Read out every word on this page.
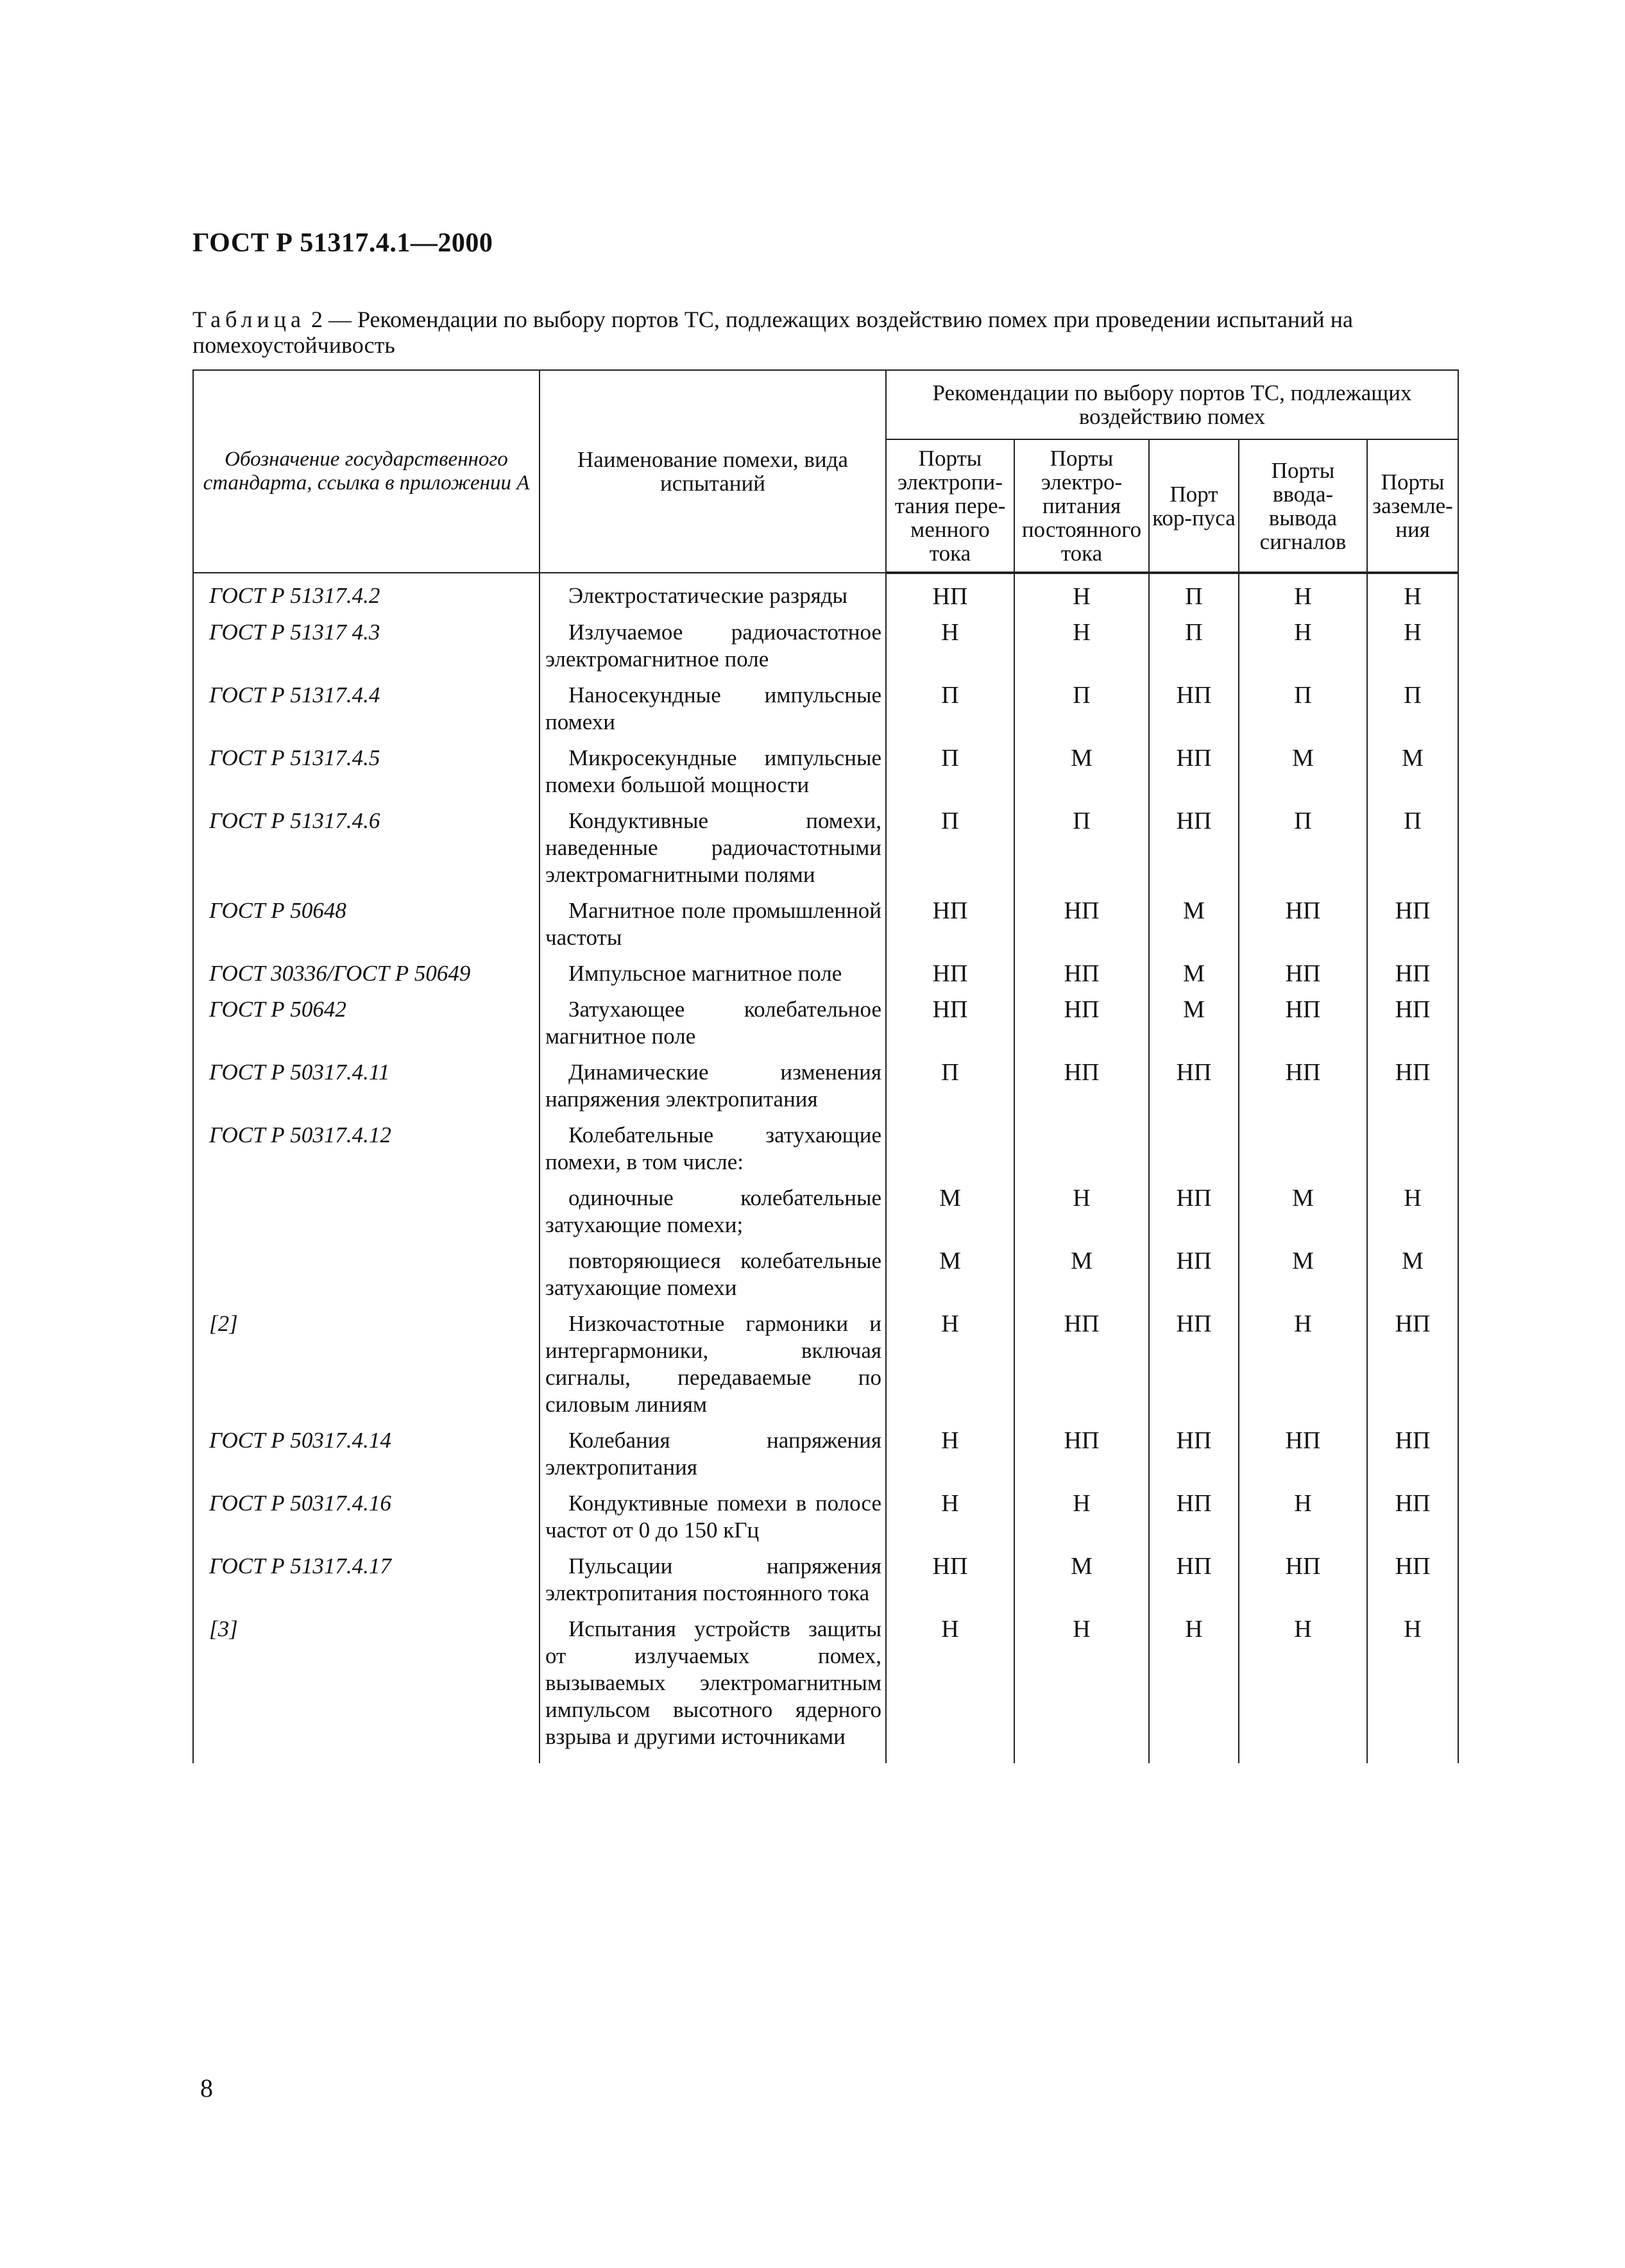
ГОСТ Р 51317.4.1—2000
Таблица 2 — Рекомендации по выбору портов ТС, подлежащих воздействию помех при проведении испытаний на помехоустойчивость
Обозначение государственного стандарта, ссылка в приложении А	Наименование помехи, вида испытаний	Рекомендации по выбору портов ТС, подлежащих воздействию помех				
		Порты электропи-тания пере-менного тока	Порты электро-питания постоянного тока	Порт кор-пуса	Порты ввода-вывода сигналов	Порты заземле-ния
ГОСТ Р 51317.4.2	Электростатические разряды	НП	Н	П	Н	Н
ГОСТ Р 51317 4.3	Излучаемое радиочастотное электромагнитное поле	Н	Н	П	Н	Н
ГОСТ Р 51317.4.4	Наносекундные импульсные помехи	П	П	НП	П	П
ГОСТ Р 51317.4.5	Микросекундные импульсные помехи большой мощности	П	М	НП	М	М
ГОСТ Р 51317.4.6	Кондуктивные помехи, наведенные радиочастотными электромагнитными полями	П	П	НП	П	П
ГОСТ Р 50648	Магнитное поле промышленной частоты	НП	НП	М	НП	НП
ГОСТ 30336/ГОСТ Р 50649	Импульсное магнитное поле	НП	НП	М	НП	НП
ГОСТ Р 50642	Затухающее колебательное магнитное поле	НП	НП	М	НП	НП
ГОСТ Р 50317.4.11	Динамические изменения напряжения электропитания	П	НП	НП	НП	НП
ГОСТ Р 50317.4.12	Колебательные затухающие помехи, в том числе:					
	одиночные колебательные затухающие помехи;	М	Н	НП	М	Н
	повторяющиеся колебательные затухающие помехи	М	М	НП	М	М
[2]	Низкочастотные гармоники и интергармоники, включая сигналы, передаваемые по силовым линиям	Н	НП	НП	Н	НП
ГОСТ Р 50317.4.14	Колебания напряжения электропитания	Н	НП	НП	НП	НП
ГОСТ Р 50317.4.16	Кондуктивные помехи в полосе частот от 0 до 150 кГц	Н	Н	НП	Н	НП
ГОСТ Р 51317.4.17	Пульсации напряжения электропитания постоянного тока	НП	М	НП	НП	НП
[3]	Испытания устройств защиты от излучаемых помех, вызываемых электромагнитным импульсом высотного ядерного взрыва и другими источниками	Н	Н	Н	Н	Н
8
